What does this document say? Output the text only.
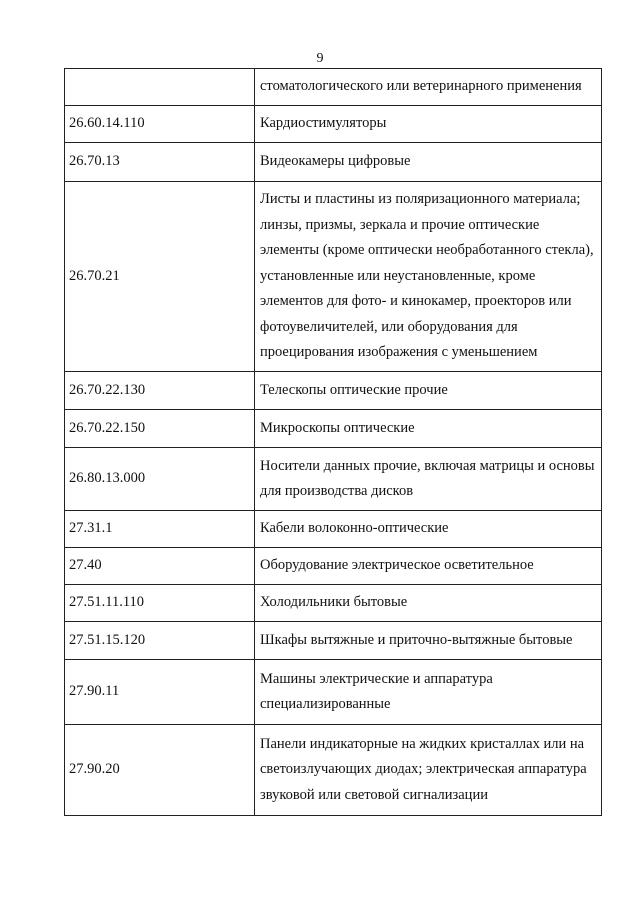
9
	стоматологического или ветеринарного применения
26.60.14.110	Кардиостимуляторы
26.70.13	Видеокамеры цифровые
26.70.21	Листы и пластины из поляризационного материала; линзы, призмы, зеркала и прочие оптические элементы (кроме оптически необработанного стекла), установленные или неустановленные, кроме элементов для фото- и кинокамер, проекторов или фотоувеличителей, или оборудования для проецирования изображения с уменьшением
26.70.22.130	Телескопы оптические прочие
26.70.22.150	Микроскопы оптические
26.80.13.000	Носители данных прочие, включая матрицы и основы для производства дисков
27.31.1	Кабели волоконно-оптические
27.40	Оборудование электрическое осветительное
27.51.11.110	Холодильники бытовые
27.51.15.120	Шкафы вытяжные и приточно-вытяжные бытовые
27.90.11	Машины электрические и аппаратура специализированные
27.90.20	Панели индикаторные на жидких кристаллах или на светоизлучающих диодах; электрическая аппаратура звуковой или световой сигнализации
